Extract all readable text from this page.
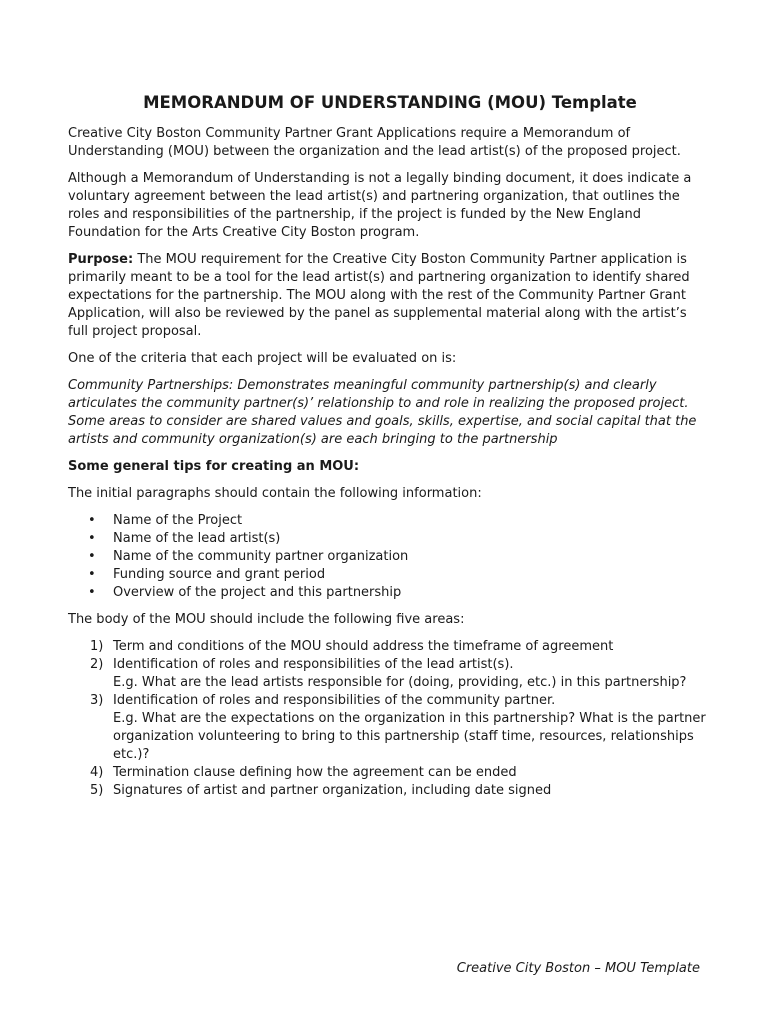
MEMORANDUM OF UNDERSTANDING (MOU) Template

Creative City Boston Community Partner Grant Applications require a Memorandum of Understanding (MOU) between the organization and the lead artist(s) of the proposed project.

Although a Memorandum of Understanding is not a legally binding document, it does indicate a voluntary agreement between the lead artist(s) and partnering organization, that outlines the roles and responsibilities of the partnership, if the project is funded by the New England Foundation for the Arts Creative City Boston program.

Purpose: The MOU requirement for the Creative City Boston Community Partner application is primarily meant to be a tool for the lead artist(s) and partnering organization to identify shared expectations for the partnership. The MOU along with the rest of the Community Partner Grant Application, will also be reviewed by the panel as supplemental material along with the artist’s full project proposal.

One of the criteria that each project will be evaluated on is:

Community Partnerships: Demonstrates meaningful community partnership(s) and clearly articulates the community partner(s)’ relationship to and role in realizing the proposed project. Some areas to consider are shared values and goals, skills, expertise, and social capital that the artists and community organization(s) are each bringing to the partnership

Some general tips for creating an MOU:

The initial paragraphs should contain the following information:

• Name of the Project
• Name of the lead artist(s)
• Name of the community partner organization
• Funding source and grant period
• Overview of the project and this partnership

The body of the MOU should include the following five areas:

1) Term and conditions of the MOU should address the timeframe of agreement
2) Identification of roles and responsibilities of the lead artist(s).
E.g. What are the lead artists responsible for (doing, providing, etc.) in this partnership?
3) Identification of roles and responsibilities of the community partner.
E.g. What are the expectations on the organization in this partnership? What is the partner organization volunteering to bring to this partnership (staff time, resources, relationships etc.)?
4) Termination clause defining how the agreement can be ended
5) Signatures of artist and partner organization, including date signed
Creative City Boston – MOU Template
